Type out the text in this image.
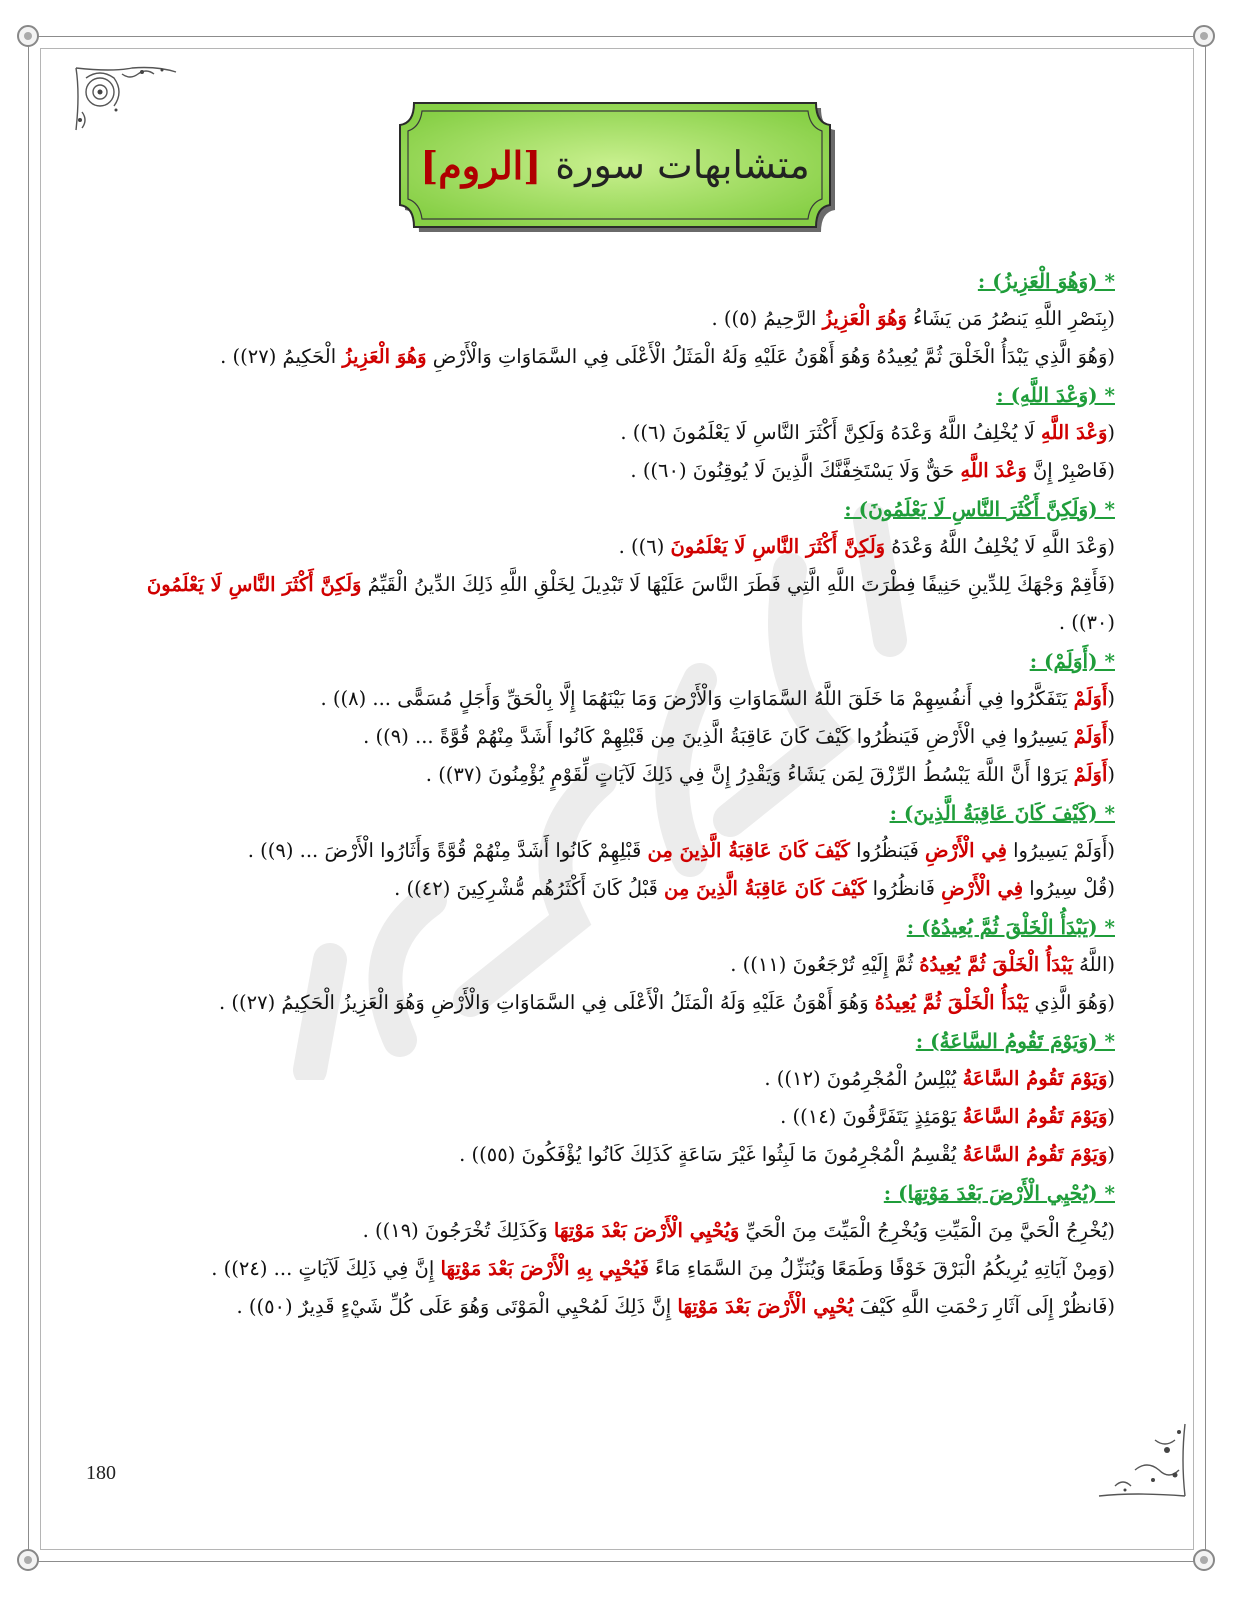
متشابهات سورة
[الروم]
* (وَهُوَ الْعَزِيزُ) :
(بِنَصْرِ اللَّهِ يَنصُرُ مَن يَشَاءُ وَهُوَ الْعَزِيزُ الرَّحِيمُ (٥)) .
(وَهُوَ الَّذِي يَبْدَأُ الْخَلْقَ ثُمَّ يُعِيدُهُ وَهُوَ أَهْوَنُ عَلَيْهِ وَلَهُ الْمَثَلُ الْأَعْلَى فِي السَّمَاوَاتِ وَالْأَرْضِ وَهُوَ الْعَزِيزُ الْحَكِيمُ (٢٧)) .
* (وَعْدَ اللَّهِ) :
(وَعْدَ اللَّهِ لَا يُخْلِفُ اللَّهُ وَعْدَهُ وَلَكِنَّ أَكْثَرَ النَّاسِ لَا يَعْلَمُونَ (٦)) .
(فَاصْبِرْ إِنَّ وَعْدَ اللَّهِ حَقٌّ وَلَا يَسْتَخِفَّنَّكَ الَّذِينَ لَا يُوقِنُونَ (٦٠)) .
* (وَلَكِنَّ أَكْثَرَ النَّاسِ لَا يَعْلَمُونَ) :
(وَعْدَ اللَّهِ لَا يُخْلِفُ اللَّهُ وَعْدَهُ وَلَكِنَّ أَكْثَرَ النَّاسِ لَا يَعْلَمُونَ (٦)) .
(فَأَقِمْ وَجْهَكَ لِلدِّينِ حَنِيفًا فِطْرَتَ اللَّهِ الَّتِي فَطَرَ النَّاسَ عَلَيْهَا لَا تَبْدِيلَ لِخَلْقِ اللَّهِ ذَلِكَ الدِّينُ الْقَيِّمُ وَلَكِنَّ أَكْثَرَ النَّاسِ لَا يَعْلَمُونَ (٣٠)) .
* (أَوَلَمْ) :
(أَوَلَمْ يَتَفَكَّرُوا فِي أَنفُسِهِمْ مَا خَلَقَ اللَّهُ السَّمَاوَاتِ وَالْأَرْضَ وَمَا بَيْنَهُمَا إِلَّا بِالْحَقِّ وَأَجَلٍ مُسَمًّى ... (٨)) .
(أَوَلَمْ يَسِيرُوا فِي الْأَرْضِ فَيَنظُرُوا كَيْفَ كَانَ عَاقِبَةُ الَّذِينَ مِن قَبْلِهِمْ كَانُوا أَشَدَّ مِنْهُمْ قُوَّةً ... (٩)) .
(أَوَلَمْ يَرَوْا أَنَّ اللَّهَ يَبْسُطُ الرِّزْقَ لِمَن يَشَاءُ وَيَقْدِرُ إِنَّ فِي ذَلِكَ لَآيَاتٍ لِّقَوْمٍ يُؤْمِنُونَ (٣٧)) .
* (كَيْفَ كَانَ عَاقِبَةُ الَّذِينَ) :
(أَوَلَمْ يَسِيرُوا فِي الْأَرْضِ فَيَنظُرُوا كَيْفَ كَانَ عَاقِبَةُ الَّذِينَ مِن قَبْلِهِمْ كَانُوا أَشَدَّ مِنْهُمْ قُوَّةً وَأَثَارُوا الْأَرْضَ ... (٩)) .
(قُلْ سِيرُوا فِي الْأَرْضِ فَانظُرُوا كَيْفَ كَانَ عَاقِبَةُ الَّذِينَ مِن قَبْلُ كَانَ أَكْثَرُهُم مُّشْرِكِينَ (٤٢)) .
* (يَبْدَأُ الْخَلْقَ ثُمَّ يُعِيدُهُ) :
(اللَّهُ يَبْدَأُ الْخَلْقَ ثُمَّ يُعِيدُهُ ثُمَّ إِلَيْهِ تُرْجَعُونَ (١١)) .
(وَهُوَ الَّذِي يَبْدَأُ الْخَلْقَ ثُمَّ يُعِيدُهُ وَهُوَ أَهْوَنُ عَلَيْهِ وَلَهُ الْمَثَلُ الْأَعْلَى فِي السَّمَاوَاتِ وَالْأَرْضِ وَهُوَ الْعَزِيزُ الْحَكِيمُ (٢٧)) .
* (وَيَوْمَ تَقُومُ السَّاعَةُ) :
(وَيَوْمَ تَقُومُ السَّاعَةُ يُبْلِسُ الْمُجْرِمُونَ (١٢)) .
(وَيَوْمَ تَقُومُ السَّاعَةُ يَوْمَئِذٍ يَتَفَرَّقُونَ (١٤)) .
(وَيَوْمَ تَقُومُ السَّاعَةُ يُقْسِمُ الْمُجْرِمُونَ مَا لَبِثُوا غَيْرَ سَاعَةٍ كَذَلِكَ كَانُوا يُؤْفَكُونَ (٥٥)) .
* (يُحْيِي الْأَرْضَ بَعْدَ مَوْتِهَا) :
(يُخْرِجُ الْحَيَّ مِنَ الْمَيِّتِ وَيُخْرِجُ الْمَيِّتَ مِنَ الْحَيِّ وَيُحْيِي الْأَرْضَ بَعْدَ مَوْتِهَا وَكَذَلِكَ تُخْرَجُونَ (١٩)) .
(وَمِنْ آيَاتِهِ يُرِيكُمُ الْبَرْقَ خَوْفًا وَطَمَعًا وَيُنَزِّلُ مِنَ السَّمَاءِ مَاءً فَيُحْيِي بِهِ الْأَرْضَ بَعْدَ مَوْتِهَا إِنَّ فِي ذَلِكَ لَآيَاتٍ ... (٢٤)) .
(فَانظُرْ إِلَى آثَارِ رَحْمَتِ اللَّهِ كَيْفَ يُحْيِي الْأَرْضَ بَعْدَ مَوْتِهَا إِنَّ ذَلِكَ لَمُحْيِي الْمَوْتَى وَهُوَ عَلَى كُلِّ شَيْءٍ قَدِيرٌ (٥٠)) .
180
